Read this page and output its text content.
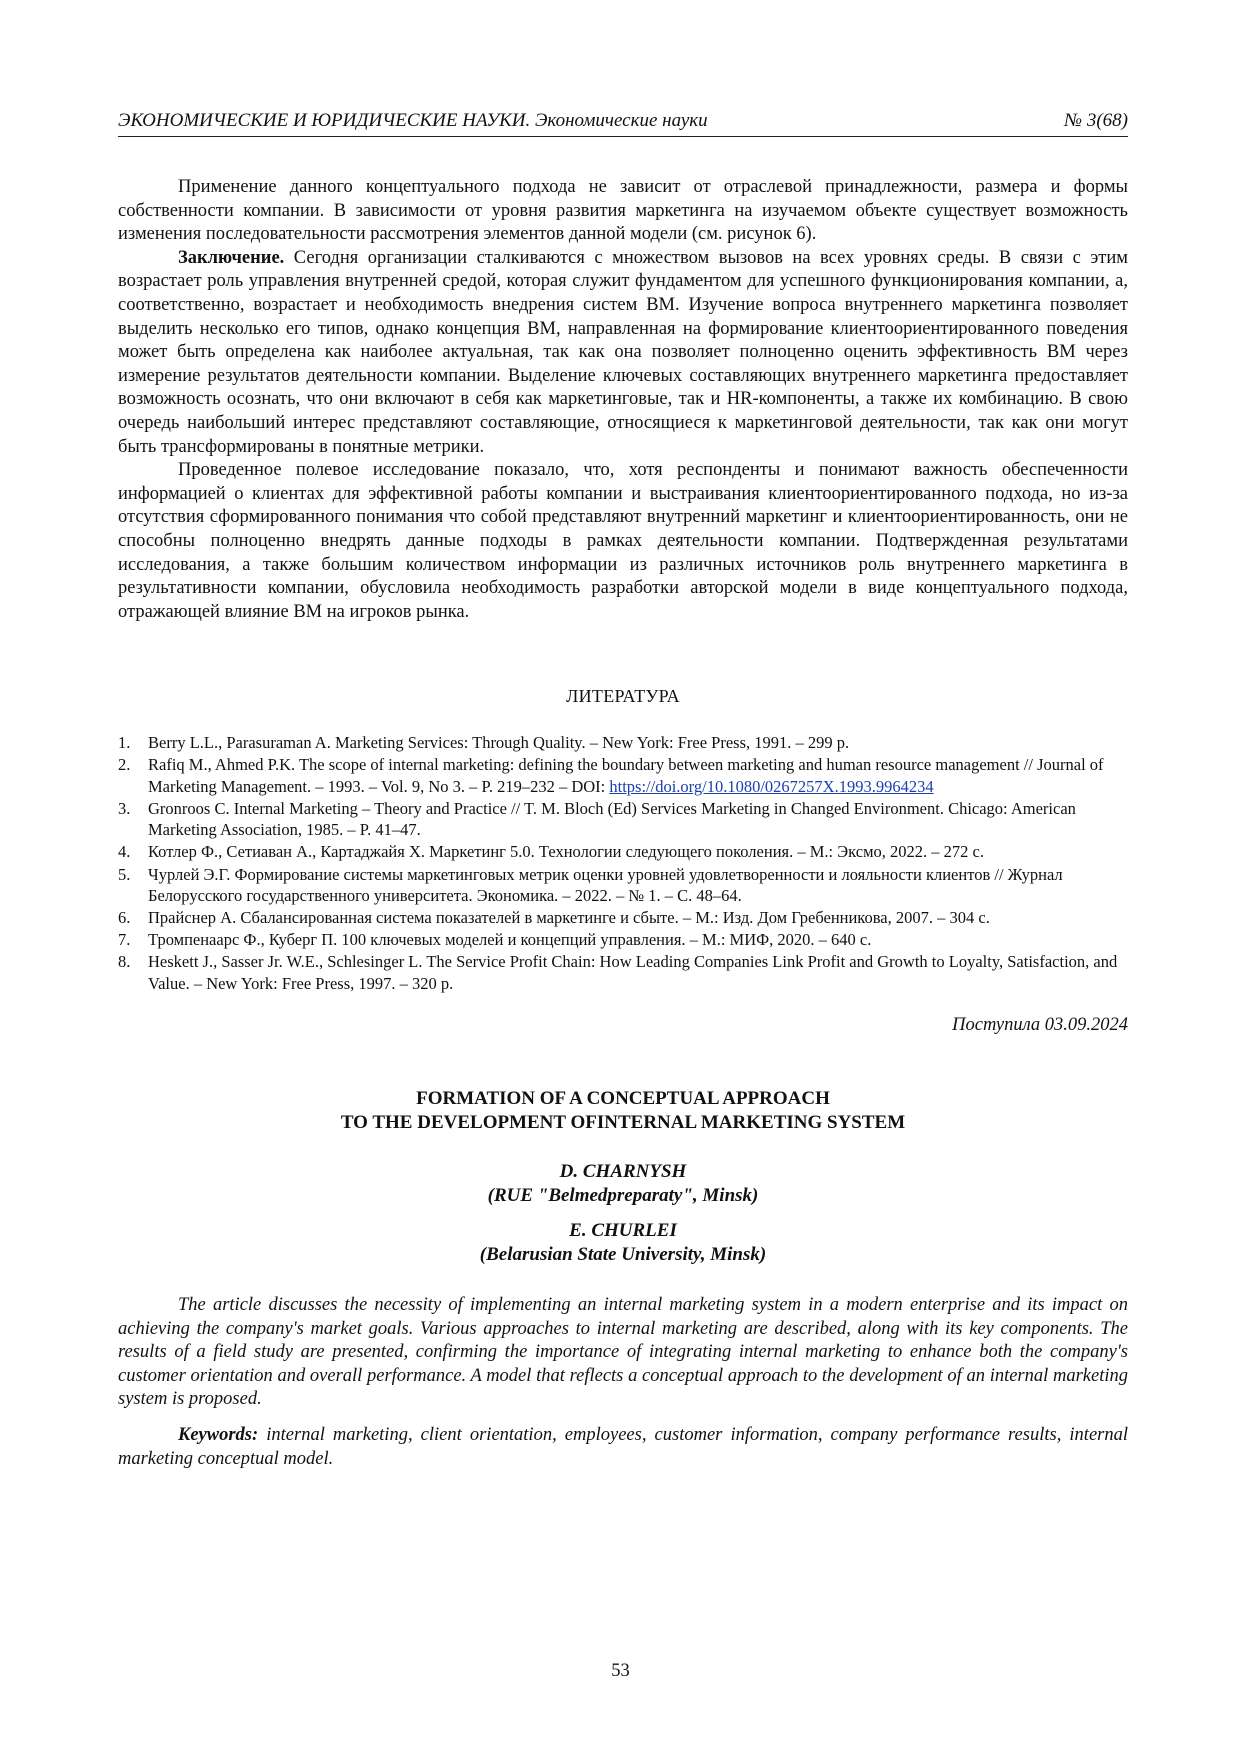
ЭКОНОМИЧЕСКИЕ И ЮРИДИЧЕСКИЕ НАУКИ. Экономические науки	№ 3(68)

Применение данного концептуального подхода не зависит от отраслевой принадлежности, размера и формы собственности компании. В зависимости от уровня развития маркетинга на изучаемом объекте существует возможность изменения последовательности рассмотрения элементов данной модели (см. рисунок 6).

Заключение. Сегодня организации сталкиваются с множеством вызовов на всех уровнях среды. В связи с этим возрастает роль управления внутренней средой, которая служит фундаментом для успешного функционирования компании, а, соответственно, возрастает и необходимость внедрения систем ВМ. Изучение вопроса внутреннего маркетинга позволяет выделить несколько его типов, однако концепция ВМ, направленная на формирование клиентоориентированного поведения может быть определена как наиболее актуальная, так как она позволяет полноценно оценить эффективность ВМ через измерение результатов деятельности компании. Выделение ключевых составляющих внутреннего маркетинга предоставляет возможность осознать, что они включают в себя как маркетинговые, так и HR-компоненты, а также их комбинацию. В свою очередь наибольший интерес представляют составляющие, относящиеся к маркетинговой деятельности, так как они могут быть трансформированы в понятные метрики.

Проведенное полевое исследование показало, что, хотя респонденты и понимают важность обеспеченности информацией о клиентах для эффективной работы компании и выстраивания клиентоориентированного подхода, но из-за отсутствия сформированного понимания что собой представляют внутренний маркетинг и клиентоориентированность, они не способны полноценно внедрять данные подходы в рамках деятельности компании. Подтвержденная результатами исследования, а также большим количеством информации из различных источников роль внутреннего маркетинга в результативности компании, обусловила необходимость разработки авторской модели в виде концептуального подхода, отражающей влияние ВМ на игроков рынка.

ЛИТЕРАТУРА
1. Berry L.L., Parasuraman A. Marketing Services: Through Quality. – New York: Free Press, 1991. – 299 p.
2. Rafiq M., Ahmed P.K. The scope of internal marketing: defining the boundary between marketing and human resource management // Journal of Marketing Management. – 1993. – Vol. 9, No 3. – P. 219–232 – DOI: https://doi.org/10.1080/0267257X.1993.9964234
3. Gronroos C. Internal Marketing – Theory and Practice // T. M. Bloch (Ed) Services Marketing in Changed Environment. Chicago: American Marketing Association, 1985. – P. 41–47.
4. Котлер Ф., Сетиаван А., Картаджайя Х. Маркетинг 5.0. Технологии следующего поколения. – М.: Эксмо, 2022. – 272 с.
5. Чурлей Э.Г. Формирование системы маркетинговых метрик оценки уровней удовлетворенности и лояльности клиентов // Журнал Белорусского государственного университета. Экономика. – 2022. – № 1. – С. 48–64.
6. Прайснер А. Сбалансированная система показателей в маркетинге и сбыте. – М.: Изд. Дом Гребенникова, 2007. – 304 с.
7. Тромпенаарс Ф., Куберг П. 100 ключевых моделей и концепций управления. – М.: МИФ, 2020. – 640 с.
8. Heskett J., Sasser Jr. W.E., Schlesinger L. The Service Profit Chain: How Leading Companies Link Profit and Growth to Loyalty, Satisfaction, and Value. – New York: Free Press, 1997. – 320 p.
Поступила 03.09.2024
FORMATION OF A CONCEPTUAL APPROACH
TO THE DEVELOPMENT OFINTERNAL MARKETING SYSTEM
D. CHARNYSH
(RUE "Belmedpreparaty", Minsk)
E. CHURLEI
(Belarusian State University, Minsk)

The article discusses the necessity of implementing an internal marketing system in a modern enterprise and its impact on achieving the company's market goals. Various approaches to internal marketing are described, along with its key components. The results of a field study are presented, confirming the importance of integrating internal marketing to enhance both the company's customer orientation and overall performance. A model that reflects a conceptual approach to the development of an internal marketing system is proposed.

Keywords: internal marketing, client orientation, employees, customer information, company performance results, internal marketing conceptual model.

53
